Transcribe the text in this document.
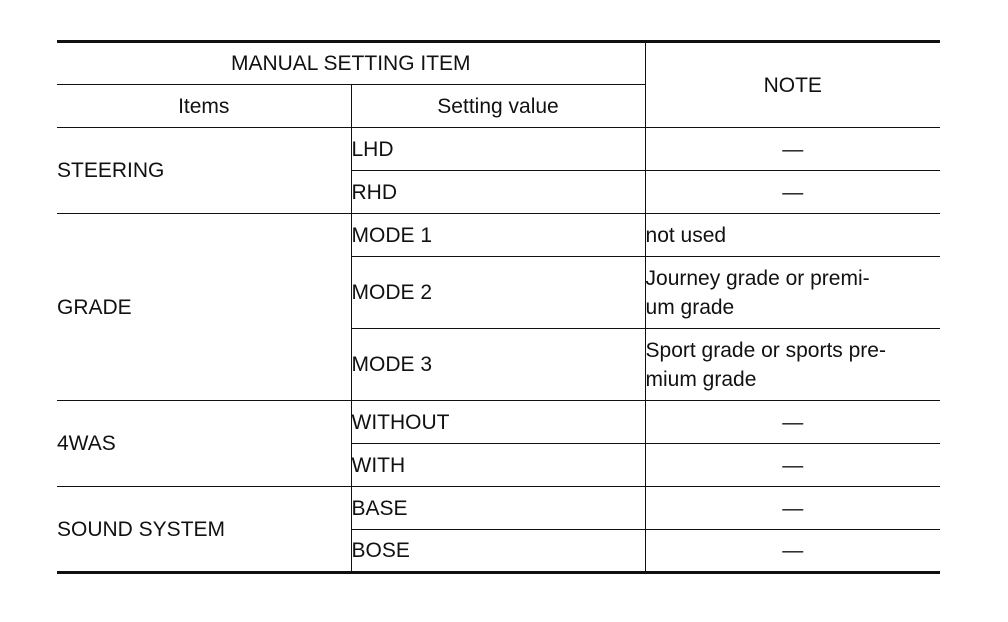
MANUAL SETTING ITEM		NOTE
Items	Setting value	
STEERING	LHD	—
	RHD	—
GRADE	MODE 1	not used
	MODE 2	Journey grade or premi-
um grade
	MODE 3	Sport grade or sports pre-
mium grade
4WAS	WITHOUT	—
	WITH	—
SOUND SYSTEM	BASE	—
	BOSE	—
